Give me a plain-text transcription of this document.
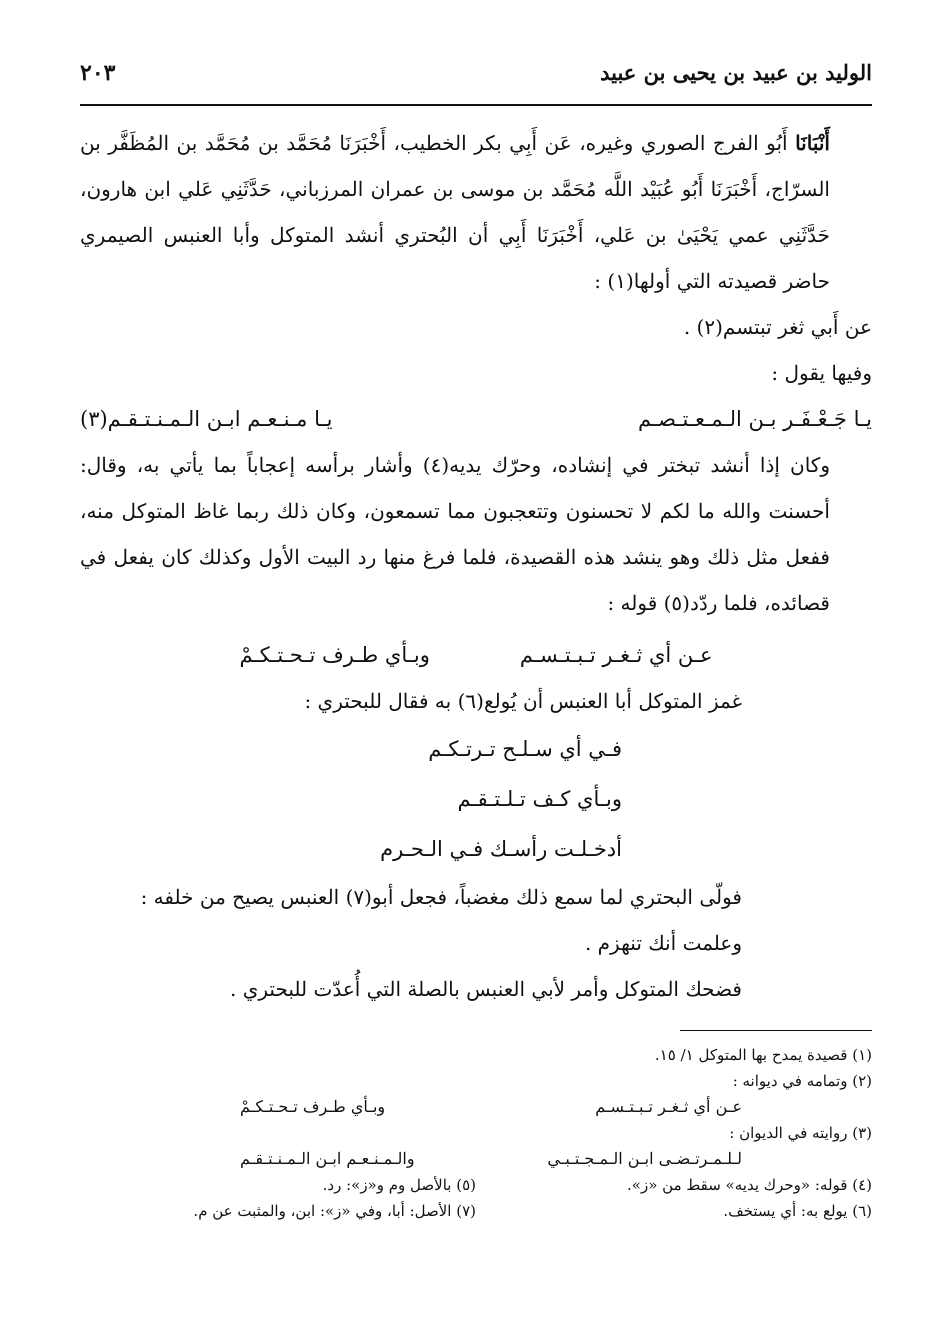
الوليد بن عبيد بن يحيى بن عبيد
٢٠٣

أَنْبَانَا أَبُو الفرج الصوري وغيره، عَن أَبِي بكر الخطيب، أَخْبَرَنَا مُحَمَّد بن مُحَمَّد بن المُظَفَّر بن السرّاج، أَخْبَرَنَا أَبُو عُبَيْد اللَّه مُحَمَّد بن موسى بن عمران المرزباني، حَدَّثَنِي عَلي ابن هارون، حَدَّثَنِي عمي يَحْيَىٰ بن عَلي، أَخْبَرَنَا أَبِي أن البُحتري أنشد المتوكل وأبا العنبس الصيمري حاضر قصيدته التي أولها(١) :

عن أَبي ثغر تبتسم(٢) .

وفيها يقول :

يـا جَـعْـفَـر بـن الـمـعـتـصـم
يـا مـنـعـم ابـن الـمـنـتـقـم(٣)

وكان إذا أنشد تبختر في إنشاده، وحرّك يديه(٤) وأشار برأسه إعجاباً بما يأتي به، وقال: أحسنت والله ما لكم لا تحسنون وتتعجبون مما تسمعون، وكان ذلك ربما غاظ المتوكل منه، ففعل مثل ذلك وهو ينشد هذه القصيدة، فلما فرغ منها رد البيت الأول وكذلك كان يفعل في قصائده، فلما ردّد(٥) قوله :

عـن أي ثـغـر تـبـتـسـم
وبـأي طـرف تـحـتـكـمْ

غمز المتوكل أبا العنبس أن يُولع(٦) به فقال للبحتري :

فـي أي سـلـح تـرتـكـم
وبـأي كـف تـلـتـقـم
أدخـلـت رأسـك فـي الـحـرم

فولّى البحتري لما سمع ذلك مغضباً، فجعل أبو(٧) العنبس يصيح من خلفه :

وعلمت أنك تنهزم .

فضحك المتوكل وأمر لأبي العنبس بالصلة التي أُعدّت للبحتري .

(١) قصيدة يمدح بها المتوكل ١/ ١٥.

(٢) وتمامه في ديوانه :

عـن أي ثـغـر تـبـتـسـم
وبـأي طـرف تـحـتـكـمْ

(٣) روايته في الديوان :

لـلـمـرتـضـى ابـن الـمـجـتـبـي
والـمـنـعـم ابـن الـمـنـتـقـم
(٤) قوله: «وحرك يديه» سقط من «ز».
(٥) بالأصل وم و«ز»: رد.
(٦) يولع به: أي يستخف.
(٧) الأصل: أبا، وفي «ز»: ابن، والمثبت عن م.
